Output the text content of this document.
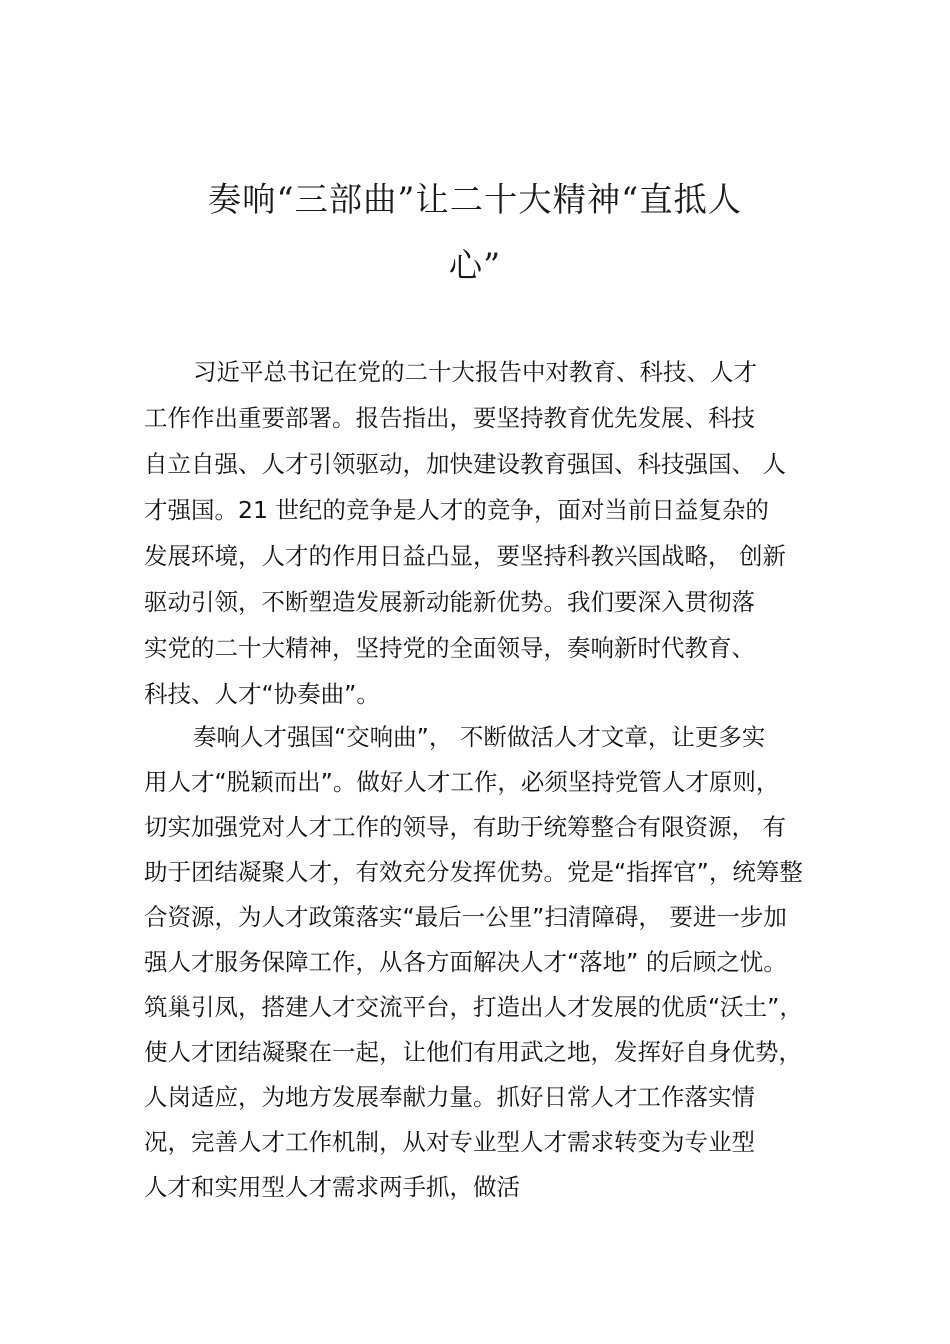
奏响“三部曲”让二十大精神“直抵人
心”
习近平总书记在党的二十大报告中对教育、科技、人才
工作作出重要部署。报告指出，要坚持教育优先发展、科技
自立自强、人才引领驱动，加快建设教育强国、科技强国、 人
才强国。21 世纪的竞争是人才的竞争，面对当前日益复杂的
发展环境，人才的作用日益凸显，要坚持科教兴国战略， 创新
驱动引领，不断塑造发展新动能新优势。我们要深入贯彻落
实党的二十大精神，坚持党的全面领导，奏响新时代教育、
科技、人才“协奏曲”。
奏响人才强国“交响曲”， 不断做活人才文章，让更多实
用人才“脱颖而出”。做好人才工作，必须坚持党管人才原则，
切实加强党对人才工作的领导，有助于统筹整合有限资源， 有
助于团结凝聚人才，有效充分发挥优势。党是“指挥官”，统筹整
合资源，为人才政策落实“最后一公里”扫清障碍， 要进一步加
强人才服务保障工作，从各方面解决人才“落地” 的后顾之忧。
筑巢引凤，搭建人才交流平台，打造出人才发展的优质“沃土”，
使人才团结凝聚在一起，让他们有用武之地，发挥好自身优势，
人岗适应，为地方发展奉献力量。抓好日常人才工作落实情
况，完善人才工作机制，从对专业型人才需求转变为专业型
人才和实用型人才需求两手抓，做活
